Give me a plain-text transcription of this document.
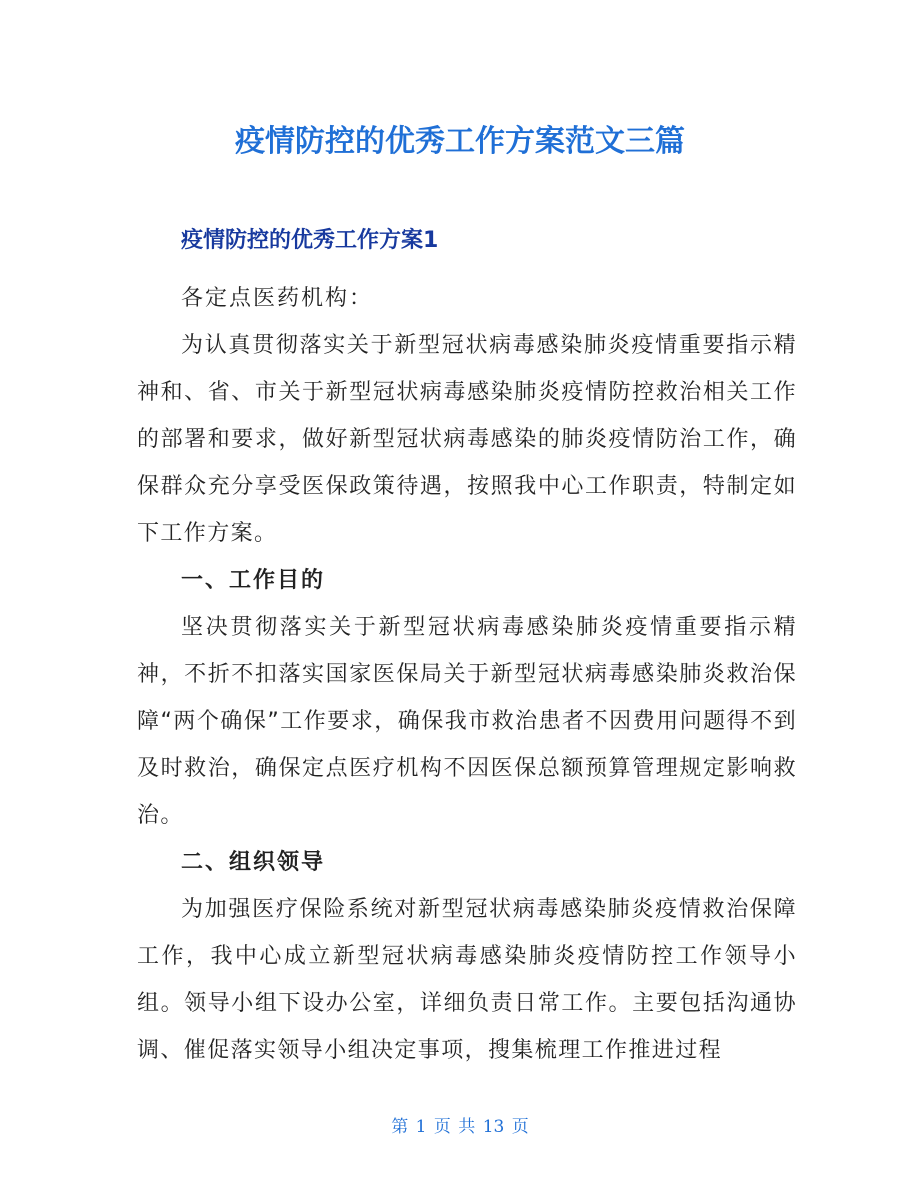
疫情防控的优秀工作方案范文三篇
疫情防控的优秀工作方案1

各定点医药机构：

为认真贯彻落实关于新型冠状病毒感染肺炎疫情重要指示精神和、省、市关于新型冠状病毒感染肺炎疫情防控救治相关工作的部署和要求，做好新型冠状病毒感染的肺炎疫情防治工作，确保群众充分享受医保政策待遇，按照我中心工作职责，特制定如下工作方案。

一、工作目的

坚决贯彻落实关于新型冠状病毒感染肺炎疫情重要指示精神，不折不扣落实国家医保局关于新型冠状病毒感染肺炎救治保障“两个确保”工作要求，确保我市救治患者不因费用问题得不到及时救治，确保定点医疗机构不因医保总额预算管理规定影响救治。

二、组织领导

为加强医疗保险系统对新型冠状病毒感染肺炎疫情救治保障工作，我中心成立新型冠状病毒感染肺炎疫情防控工作领导小组。领导小组下设办公室，详细负责日常工作。主要包括沟通协调、催促落实领导小组决定事项，搜集梳理工作推进过程

第 1 页 共 13 页
